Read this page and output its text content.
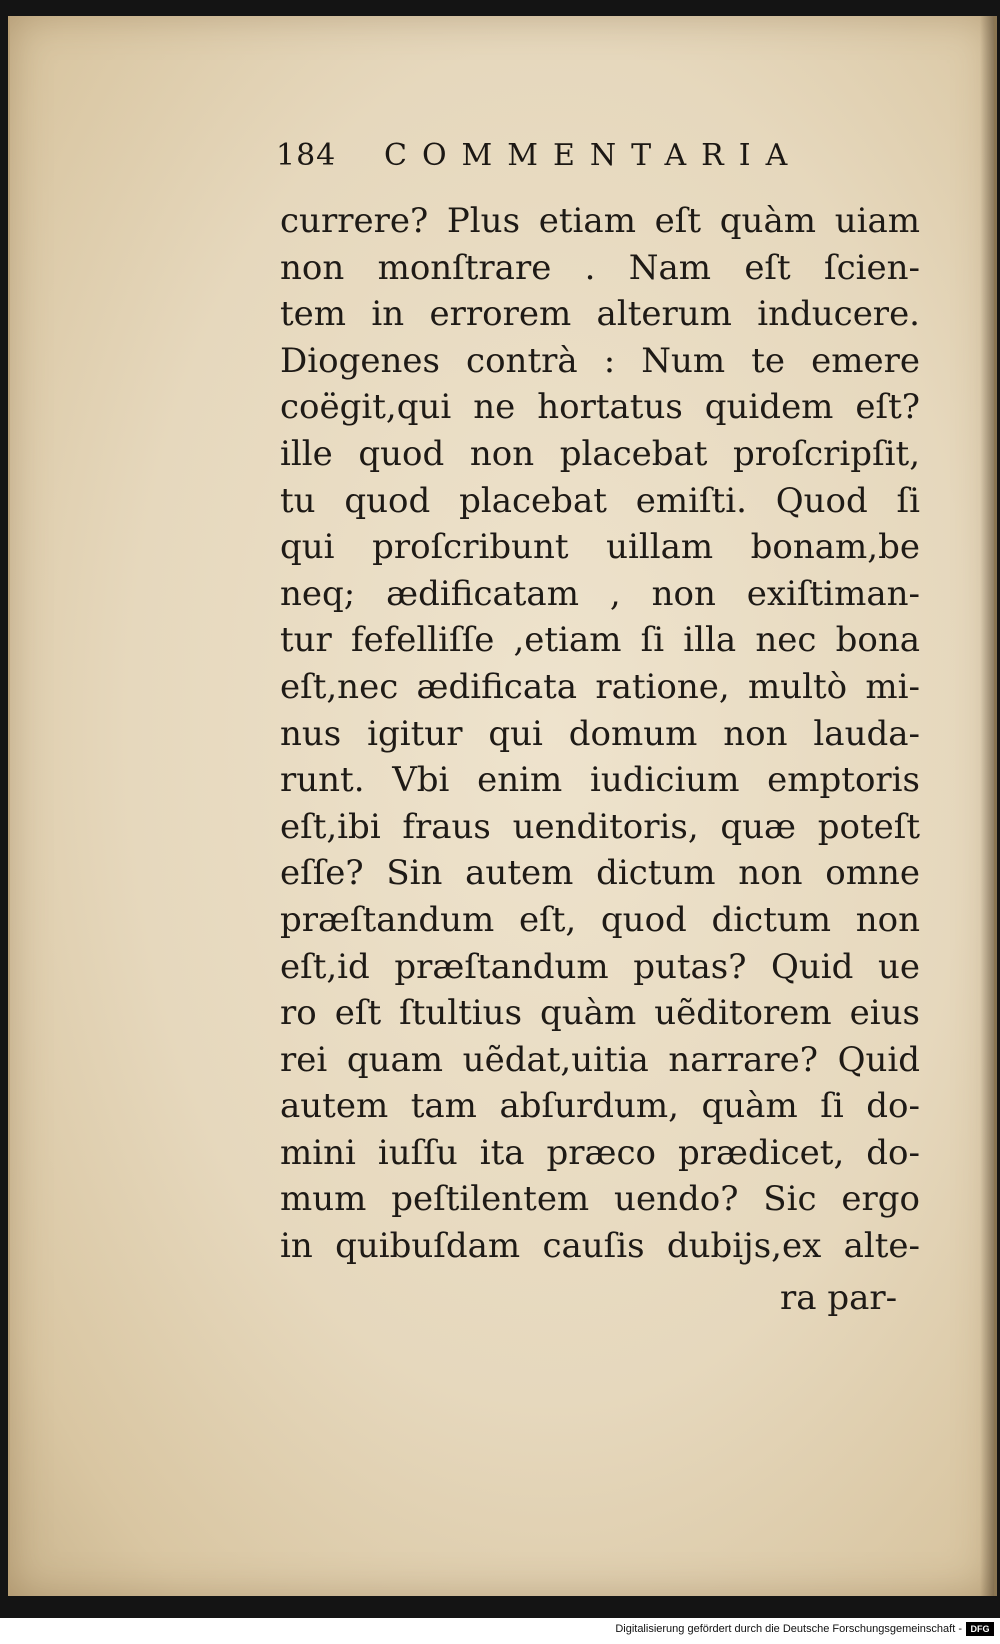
184 COMMENTARIA
currere? Plus etiam eſt quàm uiam
non monſtrare . Nam eſt ſcien-
tem in errorem alterum inducere.
Diogenes contrà : Num te emere
coëgit,qui ne hortatus quidem eſt?
ille quod non placebat proſcripſit,
tu quod placebat emiſti. Quod ſi
qui proſcribunt uillam bonam,be
neq; ædificatam , non exiſtiman-
tur fefelliſſe ,etiam ſi illa nec bona
eſt,nec ædificata ratione, multò mi-
nus igitur qui domum non lauda-
runt. Vbi enim iudicium emptoris
eſt,ibi fraus uenditoris, quæ poteſt
eſſe? Sin autem dictum non omne
præſtandum eſt, quod dictum non
eſt,id præſtandum putas? Quid ue
ro eſt ſtultius quàm uẽditorem eius
rei quam uẽdat,uitia narrare? Quid
autem tam abſurdum, quàm ſi do-
mini iuſſu ita præco prædicet, do-
mum peſtilentem uendo? Sic ergo
in quibuſdam cauſis dubijs,ex alte-
ra par-
Digitalisierung gefördert durch die Deutsche Forschungsgemeinschaft - DFG
